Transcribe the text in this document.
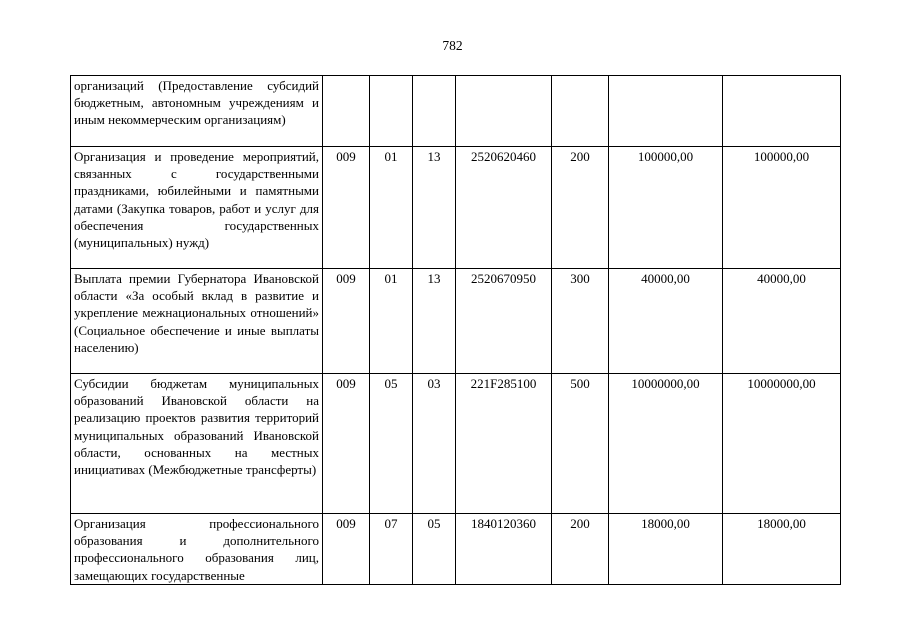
782
организаций (Предоставление субсидий бюджетным, автономным учреждениям и иным некоммерческим организациям)							
Организация и проведение мероприятий, связанных с государственными праздниками, юбилейными и памятными датами (Закупка товаров, работ и услуг для обеспечения государственных (муниципальных) нужд)	009	01	13	2520620460	200	100000,00	100000,00
Выплата премии Губернатора Ивановской области «За особый вклад в развитие и укрепление межнациональных отношений» (Социальное обеспечение и иные выплаты населению)	009	01	13	2520670950	300	40000,00	40000,00
Субсидии бюджетам муниципальных образований Ивановской области на реализацию проектов развития территорий муниципальных образований Ивановской области, основанных на местных инициативах (Межбюджетные трансферты)	009	05	03	221F285100	500	10000000,00	10000000,00
Организация профессионального образования и дополнительного профессионального образования лиц, замещающих государственные	009	07	05	1840120360	200	18000,00	18000,00
